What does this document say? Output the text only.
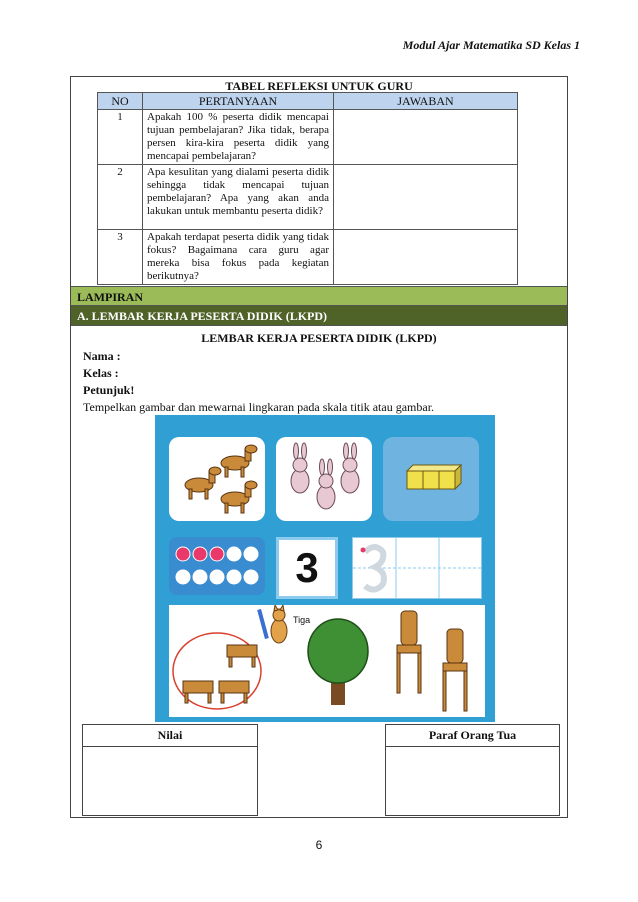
Modul Ajar Matematika SD Kelas 1
TABEL REFLEKSI UNTUK GURU
NO	PERTANYAAN	JAWABAN
1	Apakah 100 % peserta didik mencapai tujuan pembelajaran? Jika tidak, berapa persen kira-kira peserta didik yang mencapai pembelajaran?	
2	Apa kesulitan yang dialami peserta didik sehingga tidak mencapai tujuan pembelajaran? Apa yang akan anda lakukan untuk membantu peserta didik?	
3	Apakah terdapat peserta didik yang tidak fokus? Bagaimana cara guru agar mereka bisa fokus pada kegiatan berikutnya?	
LAMPIRAN
A. LEMBAR KERJA PESERTA DIDIK (LKPD)
LEMBAR KERJA PESERTA DIDIK (LKPD)
Nama :
Kelas :
Petunjuk!
Tempelkan gambar dan mewarnai lingkaran pada skala titik atau gambar.
3
Tiga
Nilai	Paraf Orang Tua
6
